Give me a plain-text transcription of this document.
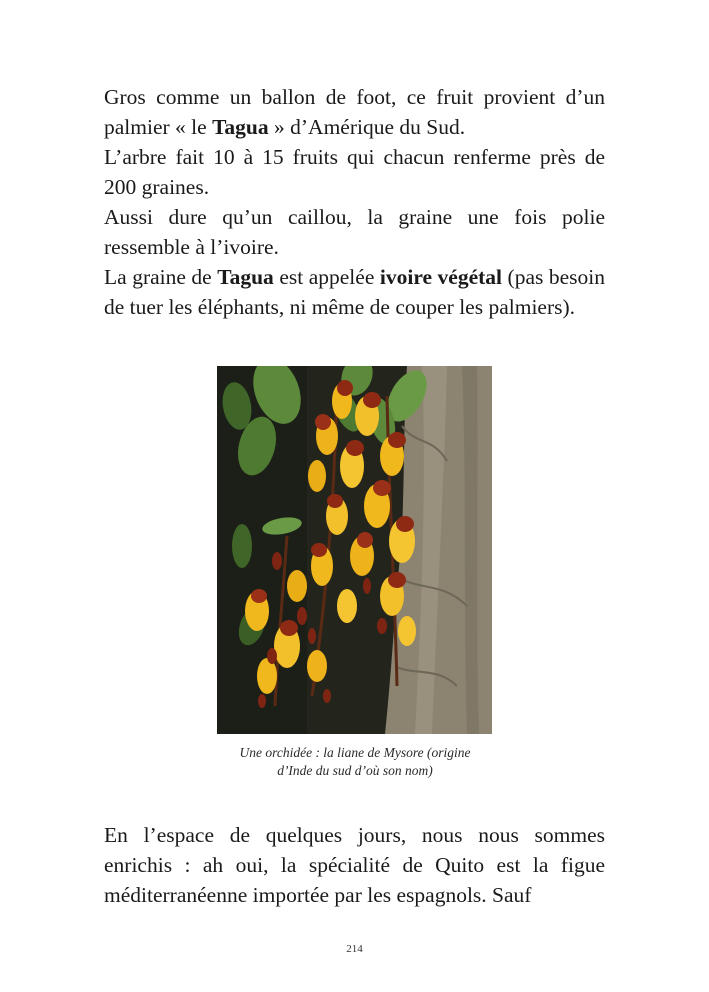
Gros comme un ballon de foot, ce fruit provient d’un palmier « le Tagua » d’Amérique du Sud.

L’arbre fait 10 à 15 fruits qui chacun renferme près de 200 graines.

Aussi dure qu’un caillou, la graine une fois polie ressemble à l’ivoire.

La graine de Tagua est appelée ivoire végétal (pas besoin de tuer les éléphants, ni même de couper les palmiers).

Une orchidée : la liane de Mysore (origine
d’Inde du sud d’où son nom)

En l’espace de quelques jours, nous nous sommes enrichis : ah oui, la spécialité de Quito est la figue méditerranéenne importée par les espagnols. Sauf

214
